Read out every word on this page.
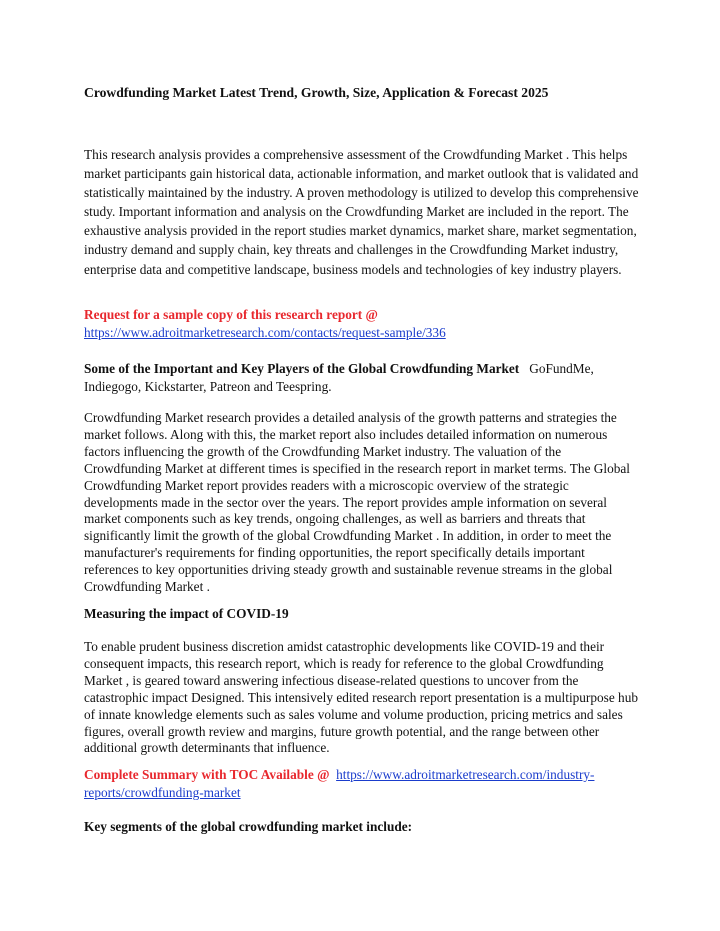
Crowdfunding Market Latest Trend, Growth, Size, Application & Forecast 2025

This research analysis provides a comprehensive assessment of the Crowdfunding Market . This helps market participants gain historical data, actionable information, and market outlook that is validated and statistically maintained by the industry. A proven methodology is utilized to develop this comprehensive study. Important information and analysis on the Crowdfunding Market are included in the report. The exhaustive analysis provided in the report studies market dynamics, market share, market segmentation, industry demand and supply chain, key threats and challenges in the Crowdfunding Market industry, enterprise data and competitive landscape, business models and technologies of key industry players.

Request for a sample copy of this research report @
https://www.adroitmarketresearch.com/contacts/request-sample/336
Some of the Important and Key Players of the Global Crowdfunding Market GoFundMe, Indiegogo, Kickstarter, Patreon and Teespring.

Crowdfunding Market research provides a detailed analysis of the growth patterns and strategies the market follows. Along with this, the market report also includes detailed information on numerous factors influencing the growth of the Crowdfunding Market industry. The valuation of the Crowdfunding Market at different times is specified in the research report in market terms. The Global Crowdfunding Market report provides readers with a microscopic overview of the strategic developments made in the sector over the years. The report provides ample information on several market components such as key trends, ongoing challenges, as well as barriers and threats that significantly limit the growth of the global Crowdfunding Market . In addition, in order to meet the manufacturer's requirements for finding opportunities, the report specifically details important references to key opportunities driving steady growth and sustainable revenue streams in the global Crowdfunding Market .

Measuring the impact of COVID-19

To enable prudent business discretion amidst catastrophic developments like COVID-19 and their consequent impacts, this research report, which is ready for reference to the global Crowdfunding Market , is geared toward answering infectious disease-related questions to uncover from the catastrophic impact Designed. This intensively edited research report presentation is a multipurpose hub of innate knowledge elements such as sales volume and volume production, pricing metrics and sales figures, overall growth review and margins, future growth potential, and the range between other additional growth determinants that influence.

Complete Summary with TOC Available @ https://www.adroitmarketresearch.com/industry-reports/crowdfunding-market
Key segments of the global crowdfunding market include:
